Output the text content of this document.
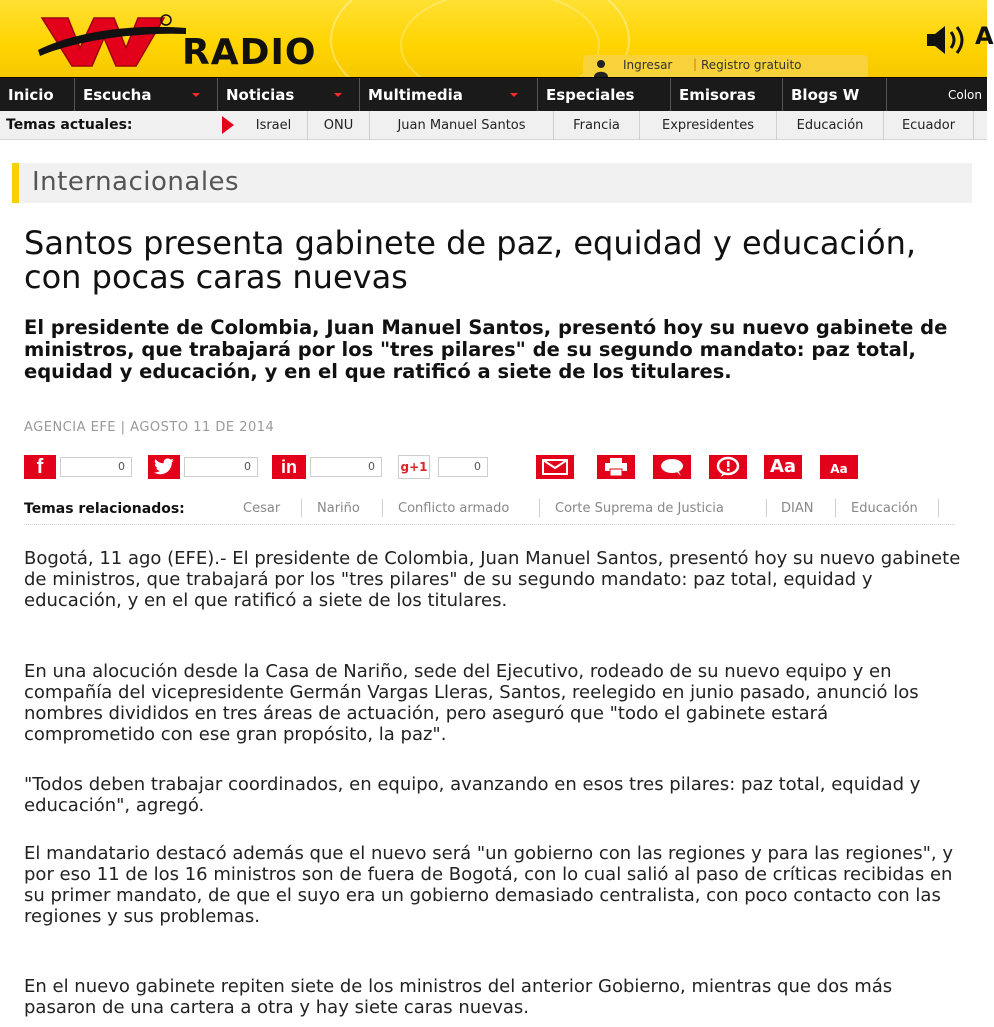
RADIO	Ingresar | Registro gratuito
A
Inicio	Escucha	Noticias	Multimedia	Especiales	Emisoras	Blogs W	Colon
Temas actuales:	Israel	ONU	Juan Manuel Santos	Francia	Expresidentes	Educación	Ecuador
Internacionales
Santos presenta gabinete de paz, equidad y educación, con pocas caras nuevas

El presidente de Colombia, Juan Manuel Santos, presentó hoy su nuevo gabinete de ministros, que trabajará por los "tres pilares" de su segundo mandato: paz total, equidad y educación, y en el que ratificó a siete de los titulares.

AGENCIA EFE | AGOSTO 11 DE 2014
f	0	0	in	0	g+1	0	Aa	Aa
Temas relacionados:	Cesar	Nariño	Conflicto armado	Corte Suprema de Justicia	DIAN	Educación

Bogotá, 11 ago (EFE).- El presidente de Colombia, Juan Manuel Santos, presentó hoy su nuevo gabinete de ministros, que trabajará por los "tres pilares" de su segundo mandato: paz total, equidad y educación, y en el que ratificó a siete de los titulares.

En una alocución desde la Casa de Nariño, sede del Ejecutivo, rodeado de su nuevo equipo y en compañía del vicepresidente Germán Vargas Lleras, Santos, reelegido en junio pasado, anunció los nombres divididos en tres áreas de actuación, pero aseguró que "todo el gabinete estará comprometido con ese gran propósito, la paz".

"Todos deben trabajar coordinados, en equipo, avanzando en esos tres pilares: paz total, equidad y educación", agregó.

El mandatario destacó además que el nuevo será "un gobierno con las regiones y para las regiones", y por eso 11 de los 16 ministros son de fuera de Bogotá, con lo cual salió al paso de críticas recibidas en su primer mandato, de que el suyo era un gobierno demasiado centralista, con poco contacto con las regiones y sus problemas.

En el nuevo gabinete repiten siete de los ministros del anterior Gobierno, mientras que dos más pasaron de una cartera a otra y hay siete caras nuevas.
